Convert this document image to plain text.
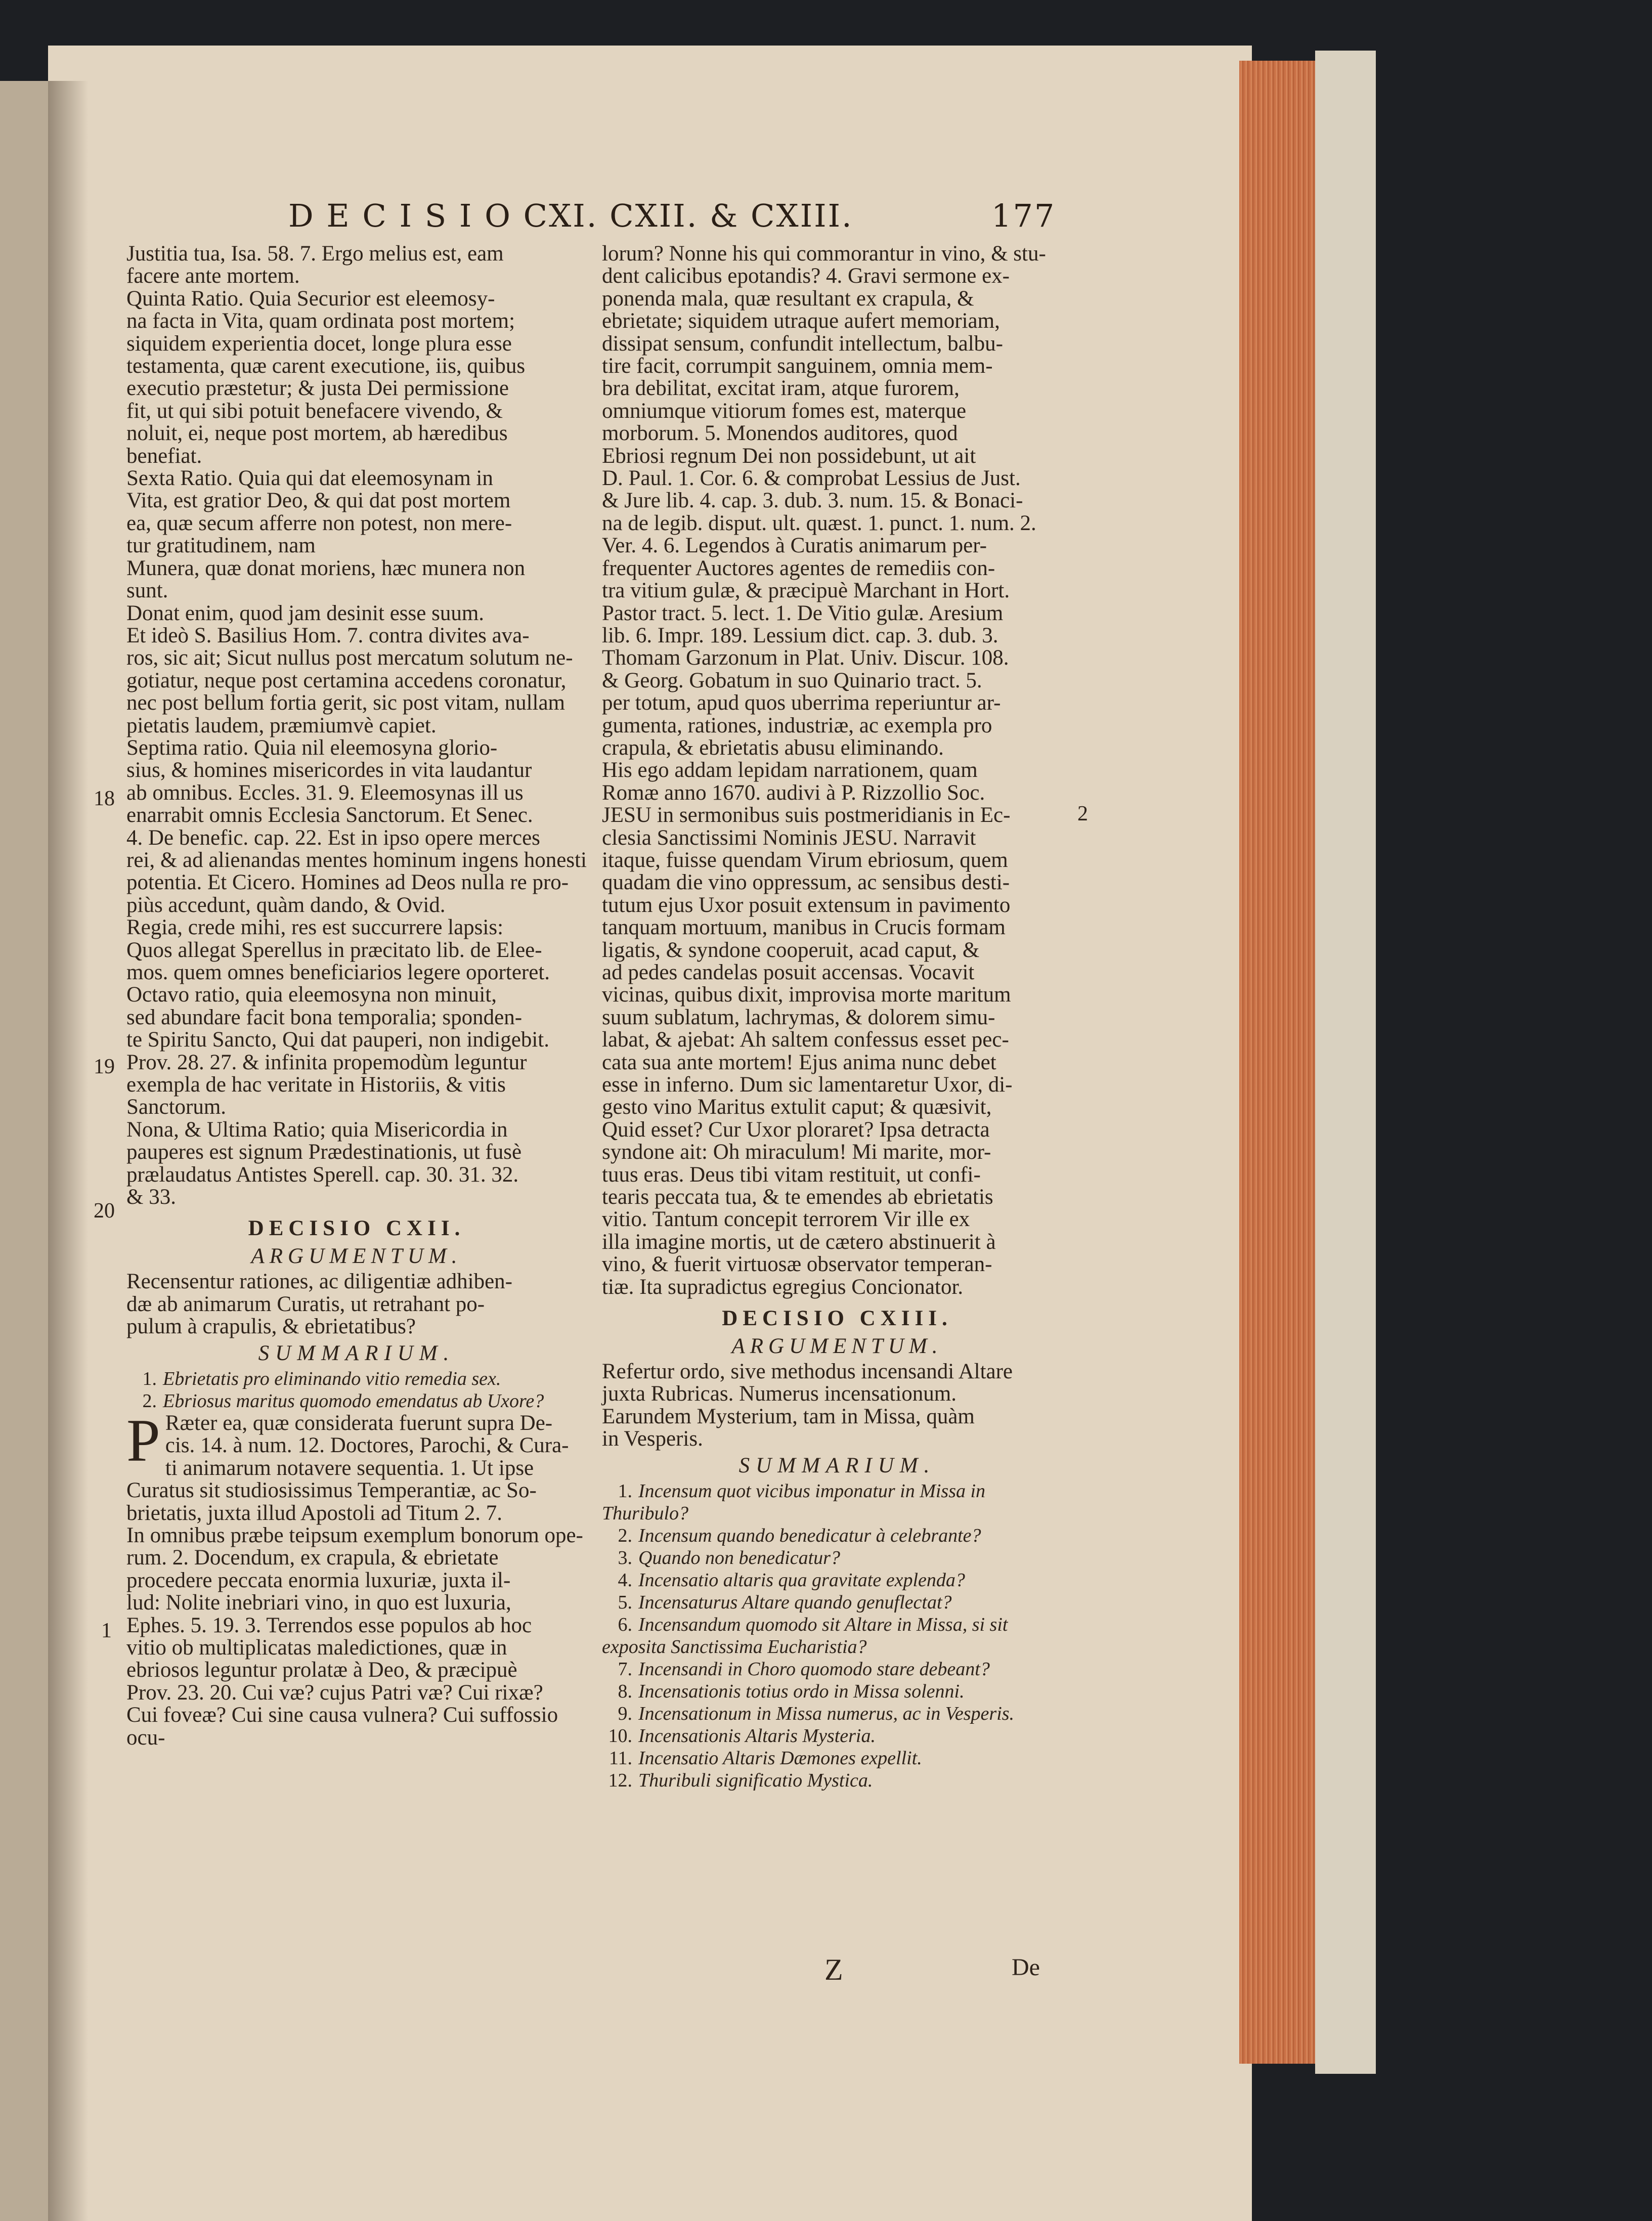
D E C I S I O CXI. CXII. & CXIII.	177

Justitia tua, Isa. 58. 7. Ergo melius est, eam

facere ante mortem.

Quinta Ratio. Quia Securior est eleemosy-

na facta in Vita, quam ordinata post mortem;

siquidem experientia docet, longe plura esse

testamenta, quæ carent executione, iis, quibus

executio præstetur; & justa Dei permissione

fit, ut qui sibi potuit benefacere vivendo, &

noluit, ei, neque post mortem, ab hæredibus

benefiat.

Sexta Ratio. Quia qui dat eleemosynam in

Vita, est gratior Deo, & qui dat post mortem

ea, quæ secum afferre non potest, non mere-

tur gratitudinem, nam

Munera, quæ donat moriens, hæc munera non

sunt.

Donat enim, quod jam desinit esse suum.

Et ideò S. Basilius Hom. 7. contra divites ava-

ros, sic ait; Sicut nullus post mercatum solutum ne-

gotiatur, neque post certamina accedens coronatur,

nec post bellum fortia gerit, sic post vitam, nullam

pietatis laudem, præmiumvè capiet.

Septima ratio. Quia nil eleemosyna glorio-

sius, & homines misericordes in vita laudantur

ab omnibus. Eccles. 31. 9. Eleemosynas ill us

enarrabit omnis Ecclesia Sanctorum. Et Senec.

4. De benefic. cap. 22. Est in ipso opere merces

rei, & ad alienandas mentes hominum ingens honesti

potentia. Et Cicero. Homines ad Deos nulla re pro-

piùs accedunt, quàm dando, & Ovid.

Regia, crede mihi, res est succurrere lapsis:

Quos allegat Sperellus in præcitato lib. de Elee-

mos. quem omnes beneficiarios legere oporteret.

Octavo ratio, quia eleemosyna non minuit,

sed abundare facit bona temporalia; sponden-

te Spiritu Sancto, Qui dat pauperi, non indigebit.

Prov. 28. 27. & infinita propemodùm leguntur

exempla de hac veritate in Historiis, & vitis

Sanctorum.

Nona, & Ultima Ratio; quia Misericordia in

pauperes est signum Prædestinationis, ut fusè

prælaudatus Antistes Sperell. cap. 30. 31. 32.

& 33.

DECISIO CXII.

ARGUMENTUM.

Recensentur rationes, ac diligentiæ adhiben-

dæ ab animarum Curatis, ut retrahant po-

pulum à crapulis, & ebrietatibus?

SUMMARIUM.

1. Ebrietatis pro eliminando vitio remedia sex.

2. Ebriosus maritus quomodo emendatus ab Uxore?

P Ræter ea, quæ considerata fuerunt supra De-

cis. 14. à num. 12. Doctores, Parochi, & Cura-

ti animarum notavere sequentia. 1. Ut ipse

Curatus sit studiosissimus Temperantiæ, ac So-

brietatis, juxta illud Apostoli ad Titum 2. 7.

In omnibus præbe teipsum exemplum bonorum ope-

rum. 2. Docendum, ex crapula, & ebrietate

procedere peccata enormia luxuriæ, juxta il-

lud: Nolite inebriari vino, in quo est luxuria,

Ephes. 5. 19. 3. Terrendos esse populos ab hoc

vitio ob multiplicatas maledictiones, quæ in

ebriosos leguntur prolatæ à Deo, & præcipuè

Prov. 23. 20. Cui væ? cujus Patri væ? Cui rixæ?

Cui foveæ? Cui sine causa vulnera? Cui suffossio ocu-

lorum? Nonne his qui commorantur in vino, & stu-

dent calicibus epotandis? 4. Gravi sermone ex-

ponenda mala, quæ resultant ex crapula, &

ebrietate; siquidem utraque aufert memoriam,

dissipat sensum, confundit intellectum, balbu-

tire facit, corrumpit sanguinem, omnia mem-

bra debilitat, excitat iram, atque furorem,

omniumque vitiorum fomes est, materque

morborum. 5. Monendos auditores, quod

Ebriosi regnum Dei non possidebunt, ut ait

D. Paul. 1. Cor. 6. & comprobat Lessius de Just.

& Jure lib. 4. cap. 3. dub. 3. num. 15. & Bonaci-

na de legib. disput. ult. quæst. 1. punct. 1. num. 2.

Ver. 4. 6. Legendos à Curatis animarum per-

frequenter Auctores agentes de remediis con-

tra vitium gulæ, & præcipuè Marchant in Hort.

Pastor tract. 5. lect. 1. De Vitio gulæ. Aresium

lib. 6. Impr. 189. Lessium dict. cap. 3. dub. 3.

Thomam Garzonum in Plat. Univ. Discur. 108.

& Georg. Gobatum in suo Quinario tract. 5.

per totum, apud quos uberrima reperiuntur ar-

gumenta, rationes, industriæ, ac exempla pro

crapula, & ebrietatis abusu eliminando.

His ego addam lepidam narrationem, quam

Romæ anno 1670. audivi à P. Rizzollio Soc.

JESU in sermonibus suis postmeridianis in Ec-

clesia Sanctissimi Nominis JESU. Narravit

itaque, fuisse quendam Virum ebriosum, quem

quadam die vino oppressum, ac sensibus desti-

tutum ejus Uxor posuit extensum in pavimento

tanquam mortuum, manibus in Crucis formam

ligatis, & syndone cooperuit, acad caput, &

ad pedes candelas posuit accensas. Vocavit

vicinas, quibus dixit, improvisa morte maritum

suum sublatum, lachrymas, & dolorem simu-

labat, & ajebat: Ah saltem confessus esset pec-

cata sua ante mortem! Ejus anima nunc debet

esse in inferno. Dum sic lamentaretur Uxor, di-

gesto vino Maritus extulit caput; & quæsivit,

Quid esset? Cur Uxor ploraret? Ipsa detracta

syndone ait: Oh miraculum! Mi marite, mor-

tuus eras. Deus tibi vitam restituit, ut confi-

tearis peccata tua, & te emendes ab ebrietatis

vitio. Tantum concepit terrorem Vir ille ex

illa imagine mortis, ut de cætero abstinuerit à

vino, & fuerit virtuosæ observator temperan-

tiæ. Ita supradictus egregius Concionator.

DECISIO CXIII.

ARGUMENTUM.

Refertur ordo, sive methodus incensandi Altare

juxta Rubricas. Numerus incensationum.

Earundem Mysterium, tam in Missa, quàm

in Vesperis.

SUMMARIUM.

1. Incensum quot vicibus imponatur in Missa in Thuribulo?

2. Incensum quando benedicatur à celebrante?

3. Quando non benedicatur?

4. Incensatio altaris qua gravitate explenda?

5. Incensaturus Altare quando genuflectat?

6. Incensandum quomodo sit Altare in Missa, si sit exposita Sanctissima Eucharistia?

7. Incensandi in Choro quomodo stare debeant?

8. Incensationis totius ordo in Missa solenni.

9. Incensationum in Missa numerus, ac in Vesperis.

10. Incensationis Altaris Mysteria.

11. Incensatio Altaris Dæmones expellit.

12. Thuribuli significatio Mystica.

18
19
20
1
2
Z	De
